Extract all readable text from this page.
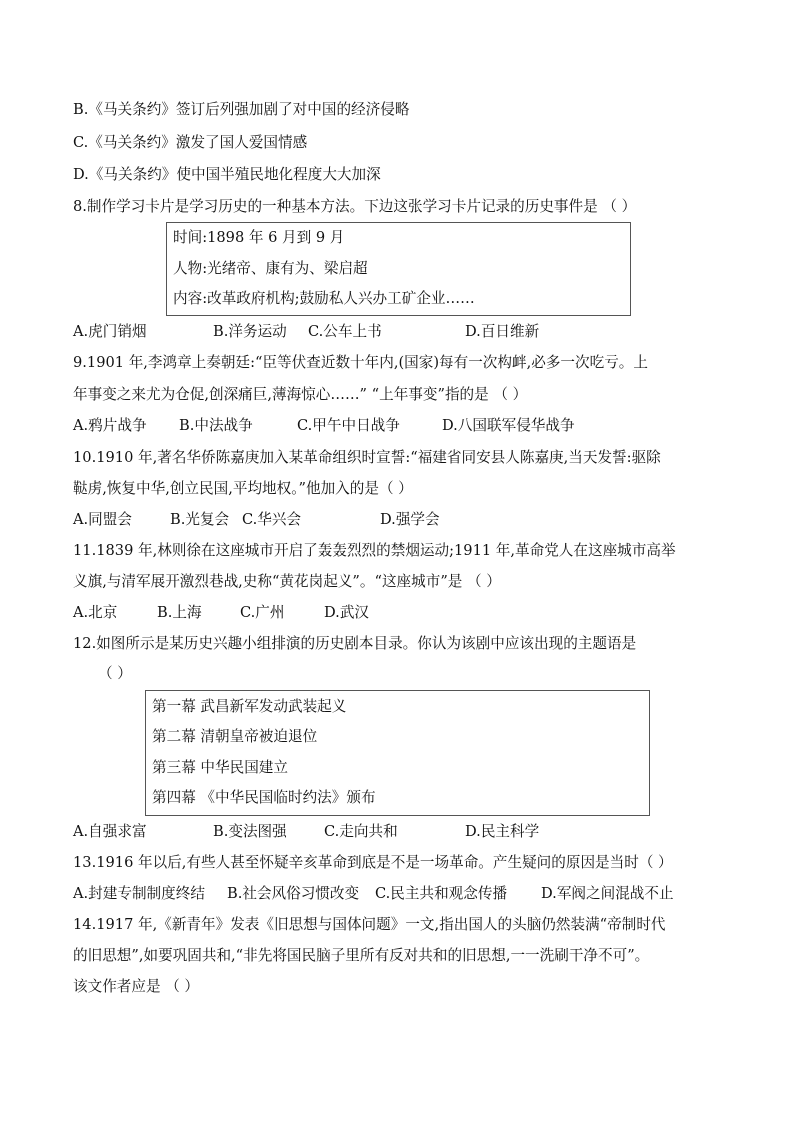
B.《马关条约》签订后列强加剧了对中国的经济侵略
C.《马关条约》激发了国人爱国情感
D.《马关条约》使中国半殖民地化程度大大加深
8.制作学习卡片是学习历史的一种基本方法。下边这张学习卡片记录的历史事件是 （ ）
时间:1898 年 6 月到 9 月
人物:光绪帝、康有为、梁启超
内容:改革政府机构;鼓励私人兴办工矿企业……
A.虎门销烟	B.洋务运动 C.公车上书	D.百日维新
9.1901 年,李鸿章上奏朝廷:“臣等伏查近数十年内,(国家)每有一次构衅,必多一次吃亏。上
年事变之来尤为仓促,创深痛巨,薄海惊心……” “上年事变”指的是 （ ）
A.鸦片战争 B.中法战争	C.甲午中日战争	D.八国联军侵华战争
10.1910 年,著名华侨陈嘉庚加入某革命组织时宣誓:“福建省同安县人陈嘉庚,当天发誓:驱除
鞑虏,恢复中华,创立民国,平均地权。”他加入的是（ ）
A.同盟会	B.光复会 C.华兴会	D.强学会
11.1839 年,林则徐在这座城市开启了轰轰烈烈的禁烟运动;1911 年,革命党人在这座城市高举
义旗,与清军展开激烈巷战,史称“黄花岗起义”。“这座城市”是 （ ）
A.北京	B.上海	C.广州	D.武汉
12.如图所示是某历史兴趣小组排演的历史剧本目录。你认为该剧中应该出现的主题语是
（ ）
第一幕 武昌新军发动武装起义
第二幕 清朝皇帝被迫退位
第三幕 中华民国建立
第四幕 《中华民国临时约法》颁布
A.自强求富	B.变法图强	C.走向共和	D.民主科学
13.1916 年以后,有些人甚至怀疑辛亥革命到底是不是一场革命。产生疑问的原因是当时（ ）
A.封建专制制度终结 B.社会风俗习惯改变 C.民主共和观念传播 D.军阀之间混战不止
14.1917 年,《新青年》发表《旧思想与国体问题》一文,指出国人的头脑仍然装满“帝制时代
的旧思想”,如要巩固共和,“非先将国民脑子里所有反对共和的旧思想,一一洗刷干净不可”。
该文作者应是 （ ）
